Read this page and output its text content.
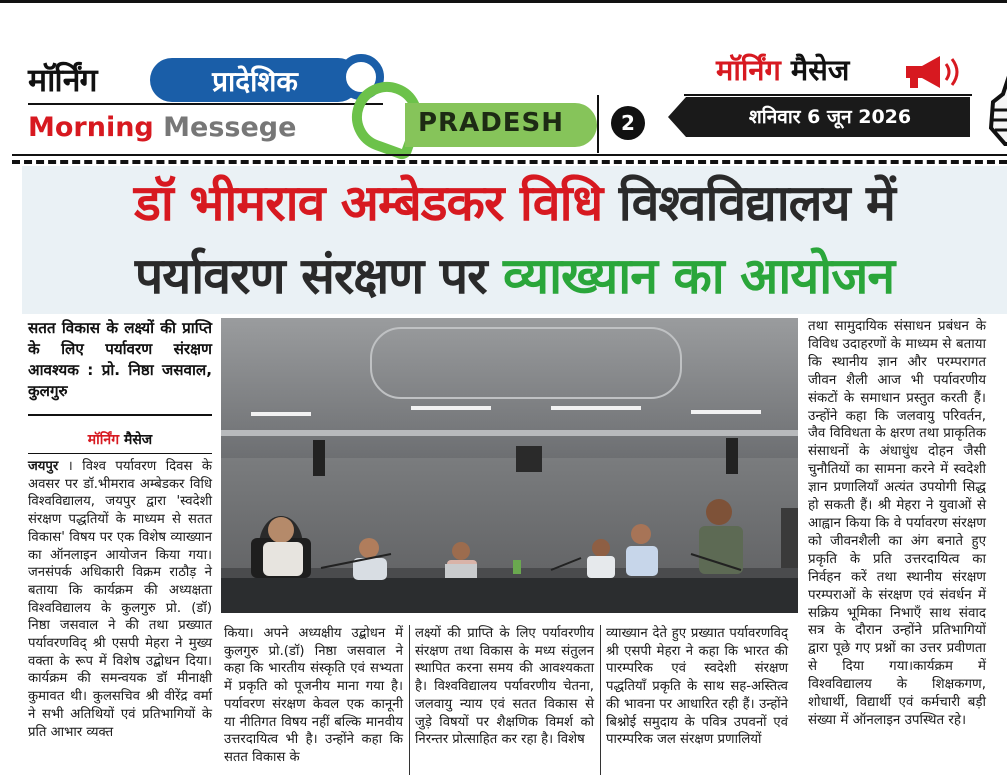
मॉर्निंग	प्रादेशिक
Morning Messege	PRADESH	2
मॉर्निंग मैसेज
शनिवार 6 जून 2026
डॉ भीमराव अम्बेडकर विधि विश्वविद्यालय में
पर्यावरण संरक्षण पर व्याख्यान का आयोजन
सतत विकास के लक्ष्यों की प्राप्ति के लिए पर्यावरण संरक्षण आवश्यक : प्रो. निष्ठा जसवाल, कुलगुरु
मॉर्निंग मैसेज
जयपुर । विश्व पर्यावरण दिवस के अवसर पर डॉ.भीमराव अम्बेडकर विधि विश्वविद्यालय, जयपुर द्वारा 'स्वदेशी संरक्षण पद्धतियों के माध्यम से सतत विकास' विषय पर एक विशेष व्याख्यान का ऑनलाइन आयोजन किया गया। जनसंपर्क अधिकारी विक्रम राठौड़ ने बताया कि कार्यक्रम की अध्यक्षता विश्वविद्यालय के कुलगुरु प्रो. (डॉ) निष्ठा जसवाल ने की तथा प्रख्यात पर्यावरणविद् श्री एसपी मेहरा ने मुख्य वक्ता के रूप में विशेष उद्बोधन दिया। कार्यक्रम की समन्वयक डॉ मीनाक्षी कुमावत थी। कुलसचिव श्री वीरेंद्र वर्मा ने सभी अतिथियों एवं प्रतिभागियों के प्रति आभार व्यक्त
किया। अपने अध्यक्षीय उद्बोधन में कुलगुरु प्रो.(डॉ) निष्ठा जसवाल ने कहा कि भारतीय संस्कृति एवं सभ्यता में प्रकृति को पूजनीय माना गया है। पर्यावरण संरक्षण केवल एक कानूनी या नीतिगत विषय नहीं बल्कि मानवीय उत्तरदायित्व भी है। उन्होंने कहा कि सतत विकास के
लक्ष्यों की प्राप्ति के लिए पर्यावरणीय संरक्षण तथा विकास के मध्य संतुलन स्थापित करना समय की आवश्यकता है। विश्वविद्यालय पर्यावरणीय चेतना, जलवायु न्याय एवं सतत विकास से जुड़े विषयों पर शैक्षणिक विमर्श को निरन्तर प्रोत्साहित कर रहा है। विशेष
व्याख्यान देते हुए प्रख्यात पर्यावरणविद् श्री एसपी मेहरा ने कहा कि भारत की पारम्परिक एवं स्वदेशी संरक्षण पद्धतियाँ प्रकृति के साथ सह-अस्तित्व की भावना पर आधारित रही हैं। उन्होंने बिश्नोई समुदाय के पवित्र उपवनों एवं पारम्परिक जल संरक्षण प्रणालियों
तथा सामुदायिक संसाधन प्रबंधन के विविध उदाहरणों के माध्यम से बताया कि स्थानीय ज्ञान और परम्परागत जीवन शैली आज भी पर्यावरणीय संकटों के समाधान प्रस्तुत करती हैं। उन्होंने कहा कि जलवायु परिवर्तन, जैव विविधता के क्षरण तथा प्राकृतिक संसाधनों के अंधाधुंध दोहन जैसी चुनौतियों का सामना करने में स्वदेशी ज्ञान प्रणालियाँ अत्यंत उपयोगी सिद्ध हो सकती हैं। श्री मेहरा ने युवाओं से आह्वान किया कि वे पर्यावरण संरक्षण को जीवनशैली का अंग बनाते हुए प्रकृति के प्रति उत्तरदायित्व का निर्वहन करें तथा स्थानीय संरक्षण परम्पराओं के संरक्षण एवं संवर्धन में सक्रिय भूमिका निभाएँ साथ संवाद सत्र के दौरान उन्होंने प्रतिभागियों द्वारा पूछे गए प्रश्नों का उत्तर प्रवीणता से दिया गया।कार्यक्रम में विश्वविद्यालय के शिक्षकगण, शोधार्थी, विद्यार्थी एवं कर्मचारी बड़ी संख्या में ऑनलाइन उपस्थित रहे।
